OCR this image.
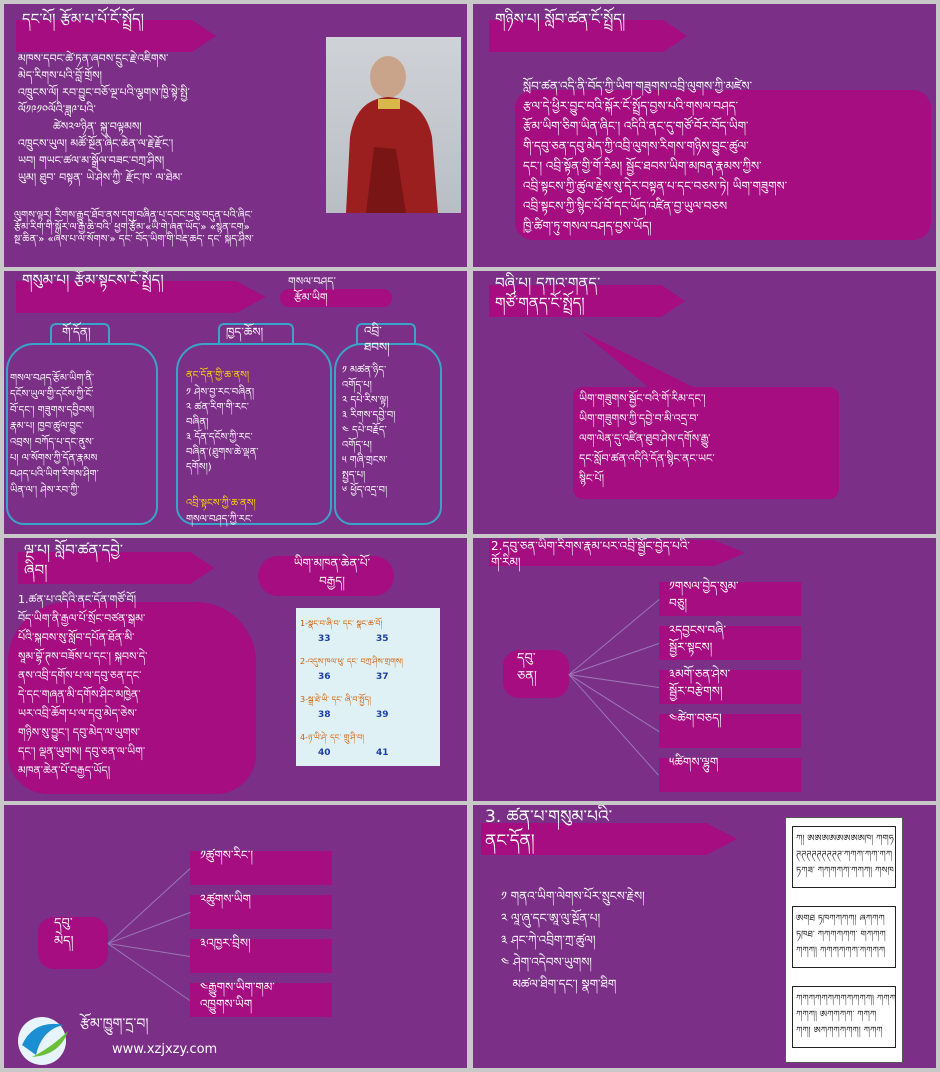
དང་པོ། རྩོམ་པ་པོ་ངོ་སྤྲོད།
མཁས་དབང་ཚེ་ཏན་ཞབས་དྲུང་རྗེ་འཇིགས་
མེད་རིགས་པའི་བློ་གྲོས།
འཁྲུངས་ལོ། རབ་བྱུང་བཅོ་ལྔ་པའི་ལྕགས་ཁྱི་སྟེ་སྤྱི་
ལོ༡༩༡༠ལོའི་ཟླ༩་པའི་
ཚེས༢༧ཉིན་ སྐུ་བལྟམས།
འཁྲུངས་ཡུལ། མཚོ་སྔོན་ཞིང་ཆེན་ལ་རྗེ་རྫོང་།
ཡབ། གཡང་ཚལ་མ་སྒྲོལ་བཟང་བཀྲ་ཤིས།
ཡུམ། ཐུབ་ བསྟན་ ཡེ་ཤེས་ཀྱི་ རྫོང་ཁ་ ལ་ཐེམ་
ལུགས་ལྟར། རིགས་རྒྱུད་ཐོབ་ནས་དགུ་བཞིན་པ་དབང་བཅུ་བདུན་པའི་ཞིང་
རྩོམ་རིག་གི་སྐོར་ལ་རྒྱ་ཆེ་བའི་ ཕྱག་རྩོམ་«ཡི་གེ་ཞན་ཡོད་» «སྙན་ངག»
སྔ་ཆིན་» «ཞེས་པ་ལ་སོགས་» དང་ བོད་ཡིག་གི་བརྡ་ཆད་ དང་ སྐད་ཤིས་
གཉིས་པ། སློབ་ཚན་ངོ་སྤྲོད།
སློབ་ཚན་འདི་ནི་བོད་ཀྱི་ཡིག་གཟུགས་འབྲི་ལུགས་ཀྱི་མཛེས་
རྩལ་དེ་ཕྱིར་བྱུང་བའི་སྐོར་ངོ་སྤྲོད་བྱས་པའི་གསལ་བཤད་
རྩོམ་ཡིག་ཅིག་ཡིན་ཞིང་། འདིའི་ནང་དུ་གཙོ་བོར་བོད་ཡིག་
གི་དབུ་ཅན་དབུ་མེད་ཀྱི་འབྲི་ལུགས་རིགས་གཉིས་བྱུང་ཚུལ་
དང་། འབྲི་སྟོན་གྱི་གོ་རིམ། སྦྱོང་ཐབས་ཡིག་མཁན་རྣམས་ཀྱིས་
འབྲི་སྟངས་ཀྱི་ཚུལ་རྗེས་སུ་དེར་བསྟན་པ་དང་བཅས་ཏེ། ཡིག་གཟུགས་
འབྲི་སྟངས་ཀྱི་སྙིང་པོ་བོ་དང་ཡོད་འཛིན་བྱ་ཡུལ་བཅས
ཁྱི་ཚིག་ཏུ་གསལ་བཤད་བྱས་ཡོད།
གསུམ་པ། རྩོམ་སྟངས་ངོ་སྤྲོད།	གསལ་བཤད་
རྩོམ་ཡིག
གོ་དོན།
གསལ་བཤད་རྩོམ་ཡིག་ནི་
དངོས་ཡུལ་གྱི་དངོས་ཀྱི་ངོ་
བོ་དང་། གཟུགས་དབྱིབས།
རྣམ་པ། ཁྱབ་ཚུལ་བྱུང་
འབྲས། བཀོད་པ་དང་ནུས་
པ། ལ་སོགས་ཀྱི་དོན་རྣམས
བཤད་པའི་ཡིག་རིགས་ཤིག་
ཡིན་ལ་། ཤེས་རབ་ཀྱི་
ཁྱད་ཆོས།
ནང་དོན་གྱི་ཆ་ནས།
༡ ཤེས་བྱ་རང་བཞིན།
༢ ཚན་རིག་གི་རང་
བཞིན།
༣ དོན་དངོས་ཀྱི་རང་
བཞིན་(ཐུགས་ཆེ་ལྡན་
དགོས།)
འབྲི་སྟངས་ཀྱི་ཆ་ནས།
གསལ་བཤད་ཀྱི་རང་
འབྲི་
ཐབས།
༡ མཚན་ཉིད་
འགོད་པ།
༢ དཔེ་རིས་ལྟ།
༣ རིགས་དབྱེ་བ།
༤ དཔེ་བརྗོད་
འགོད་པ།
༥ གཞི་གྲངས་
སྤྱད་པ།
༦ ཕྱོད་འདྲ་བ།
བཞི་པ། དཀའ་གནད་
གཙོ་གནད་ངོ་སྤྲོད།
ཡིག་གཟུགས་སྦྱོང་བའི་གོ་རིམ་དང་།
ཡིག་གཟུགས་ཀྱི་དབྱེ་བ་མི་འདྲ་བ་
ལག་ལེན་དུ་འཛིན་ཐུབ་ཤེས་དགོས་རྒྱུ་
དང་སློབ་ཚན་འདིའི་དོན་སྙིང་ནང་ཡང་
སྙིང་པོ།
ལྔ་པ། སློབ་ཚན་དབྱེ་
ཞིབ།	ཡིག་མཁན་ཆེན་པོ་
བརྒྱད།
1.ཚན་པ་འདིའི་ནང་དོན་གཙོ་བོ།
བོད་ཡིག་ནི་རྒྱལ་པོ་སྲོང་བཙན་སྒམ་
པོའི་སྐབས་སུ་སློབ་དཔོན་ཐོན་མི་
སཱམ་བྷོ་ཊས་བཟོས་པ་དང་། སྐབས་དེ་
ནས་འབྲི་དགོས་པ་ལ་དབུ་ཅན་དང་
དེ་དང་གཞན་མི་དགོས་ཤིང་མཁྱེན་
ཡར་འབྲི་ཆོག་པ་ལ་དབུ་མེད་ཅེས་
གཉིས་སུ་བྱུང་། དབུ་མེད་ལ་ཡུགས་
དང་། ལྡན་ཡུགས། དབུ་ཅན་ལ་ཡིག་
མཁན་ཆེན་པོ་བརྒྱད་ཡོད།
1-སྣང་བ་ཞི་བ་ དང་ སྣང་ཆ་བོ།
33	35
2-འདུས་ཁལ་ཕུ་ དང་ བཀྲ་ཤིས་གྲགས།
36	37
3-སྒྲ་ཐེ་ཡི་ དང་ ཞི་བ་སྤྱོད།
38	39
4-ཉ་ཡི་ཤེ་ དང་ གྲུ་ཤི་བ།
40	41
2.དབུ་ཅན་ཡིག་རིགས་རྣམ་པར་འབྲི་སྦྱོང་བྱེད་པའི་
གོ་རིམ།
དབུ་
ཅན།
༡གསལ་བྱེད་སུམ་
བཅུ།
༢དབྱངས་བཞི་
སྦྱོར་སྟངས།
༣མགོ་ཅན་ཤེས་
སྦྱོར་བརྩེགས།
༤ཚེག་བཅད།
༥ཚིགས་ལྷུག
དབུ་
མེད།
༡ཚུགས་རིང་།
༢ཚུགས་ཡིག
༣འཁྱར་བྲིས།
༤རྒྱུགས་ཡིག་གམ་
འཁྱུགས་ཡིག
རྩོམ་ཁྱུག་དྲ་བ།
www.xzjxzy.com
3. ཚན་པ་གསུམ་པའི་
ནང་དོན།
༡ གནའ་ཡིག་ལེགས་པོར་སྲུངས་རྗེས།
༢ ལཱ་ཞུ་དང་ཨཱ་ལུ་སྔོན་པ།
༣ ཤང་ཀེ་འབྲིག་ཀྲ་ཚུལ།
༤ ཤེག་འདེབས་ཡུགས།
མཚལ་ཐིག་དང་། སྣག་ཐིག
ཀ། ཨཨཨཨཨཨཨཨཁ། ཀགཧ
ཊཊཊཊཊཊཊཊཊ་ཀཀཀ་ཀཀ་ཀཀ
ཏཀཟ་ ཀཀཀཀཀ་ཀཀཀ། ཀསཁ
ཨགཐ ཏཁཀཀཀཀ། ཞཀཀཀ
ཏཁཐ་ ཀཀཀཀཀཀ་ གཀཀཀ
ཀཀཀ། ཀཀཀཀཀཀ་ཀཀཀཀ
ཀཀཀཀཀཀཀཀཀཀཀཀ། ཀཀཀ
ཀཀཀ། ཨཀཀཀཀ་ ཀཀཀ
ཀཀ། ཨཀཀཀཀཀཀ། ཀཀཀ
